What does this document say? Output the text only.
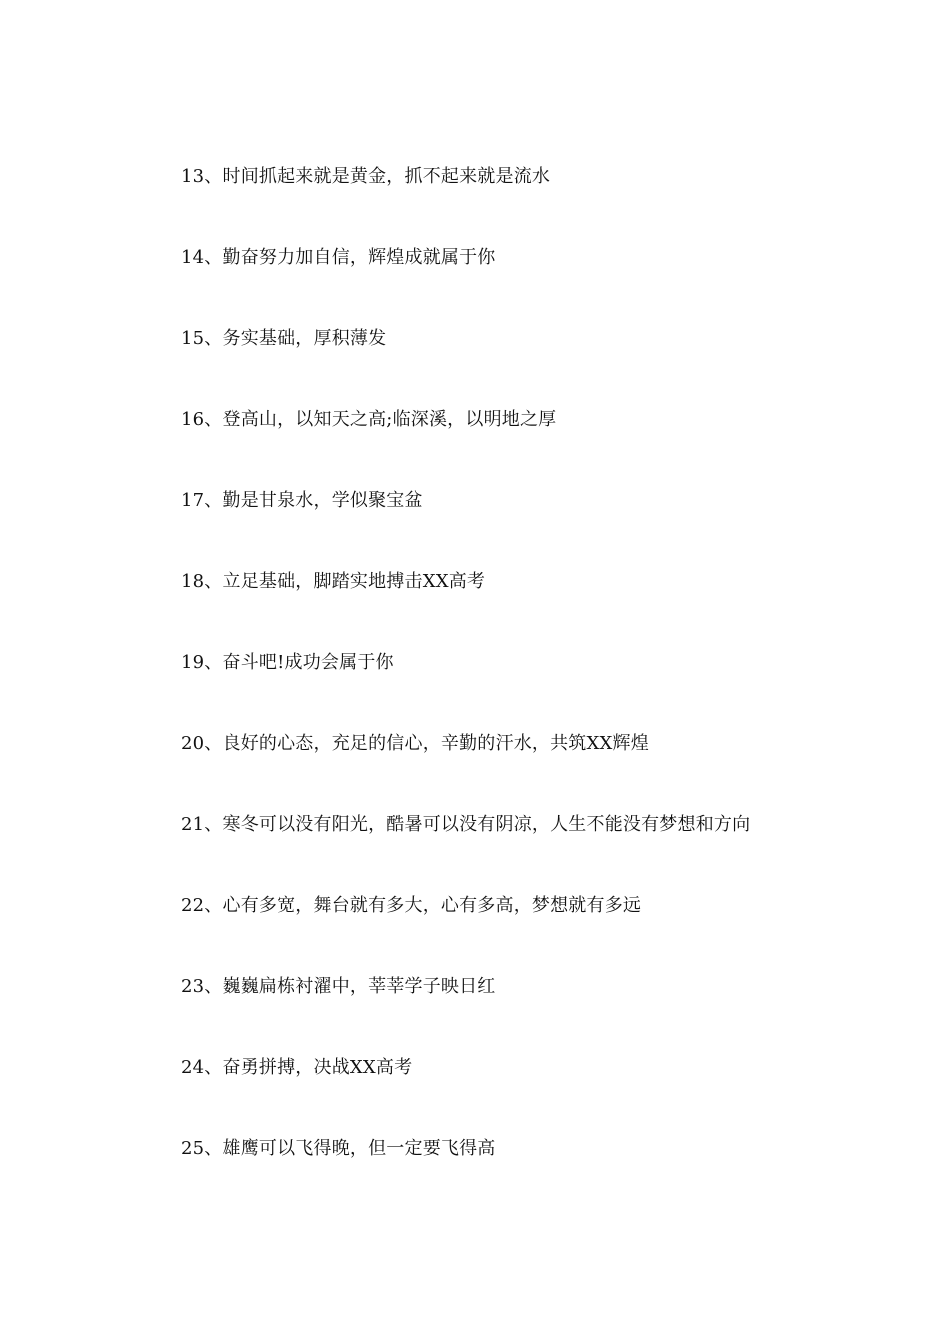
13、时间抓起来就是黄金，抓不起来就是流水
14、勤奋努力加自信，辉煌成就属于你
15、务实基础，厚积薄发
16、登高山，以知天之高;临深溪，以明地之厚
17、勤是甘泉水，学似聚宝盆
18、立足基础，脚踏实地搏击XX高考
19、奋斗吧!成功会属于你
20、良好的心态，充足的信心，辛勤的汗水，共筑XX辉煌
21、寒冬可以没有阳光，酷暑可以没有阴凉，人生不能没有梦想和方向
22、心有多宽，舞台就有多大，心有多高，梦想就有多远
23、巍巍扁栋衬濯中，莘莘学子映日红
24、奋勇拼搏，决战XX高考
25、雄鹰可以飞得晚，但一定要飞得高
